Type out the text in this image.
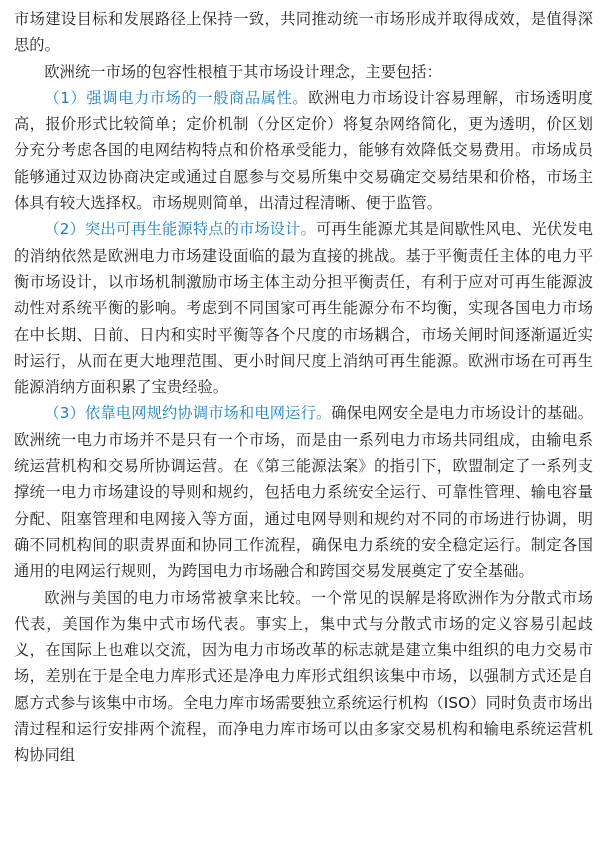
市场建设目标和发展路径上保持一致，共同推动统一市场形成并取得成效，是值得深思的。

欧洲统一市场的包容性根植于其市场设计理念，主要包括：

（1）强调电力市场的一般商品属性。欧洲电力市场设计容易理解，市场透明度高，报价形式比较简单；定价机制（分区定价）将复杂网络简化，更为透明，价区划分充分考虑各国的电网结构特点和价格承受能力，能够有效降低交易费用。市场成员能够通过双边协商决定或通过自愿参与交易所集中交易确定交易结果和价格，市场主体具有较大选择权。市场规则简单，出清过程清晰、便于监管。

（2）突出可再生能源特点的市场设计。可再生能源尤其是间歇性风电、光伏发电的消纳依然是欧洲电力市场建设面临的最为直接的挑战。基于平衡责任主体的电力平衡市场设计，以市场机制激励市场主体主动分担平衡责任，有利于应对可再生能源波动性对系统平衡的影响。考虑到不同国家可再生能源分布不均衡，实现各国电力市场在中长期、日前、日内和实时平衡等各个尺度的市场耦合，市场关闸时间逐渐逼近实时运行，从而在更大地理范围、更小时间尺度上消纳可再生能源。欧洲市场在可再生能源消纳方面积累了宝贵经验。

（3）依靠电网规约协调市场和电网运行。确保电网安全是电力市场设计的基础。欧洲统一电力市场并不是只有一个市场，而是由一系列电力市场共同组成，由输电系统运营机构和交易所协调运营。在《第三能源法案》的指引下，欧盟制定了一系列支撑统一电力市场建设的导则和规约，包括电力系统安全运行、可靠性管理、输电容量分配、阻塞管理和电网接入等方面，通过电网导则和规约对不同的市场进行协调，明确不同机构间的职责界面和协同工作流程，确保电力系统的安全稳定运行。制定各国通用的电网运行规则，为跨国电力市场融合和跨国交易发展奠定了安全基础。

欧洲与美国的电力市场常被拿来比较。一个常见的误解是将欧洲作为分散式市场代表，美国作为集中式市场代表。事实上，集中式与分散式市场的定义容易引起歧义，在国际上也难以交流，因为电力市场改革的标志就是建立集中组织的电力交易市场，差别在于是全电力库形式还是净电力库形式组织该集中市场，以强制方式还是自愿方式参与该集中市场。全电力库市场需要独立系统运行机构（ISO）同时负责市场出清过程和运行安排两个流程，而净电力库市场可以由多家交易机构和输电系统运营机构协同组
